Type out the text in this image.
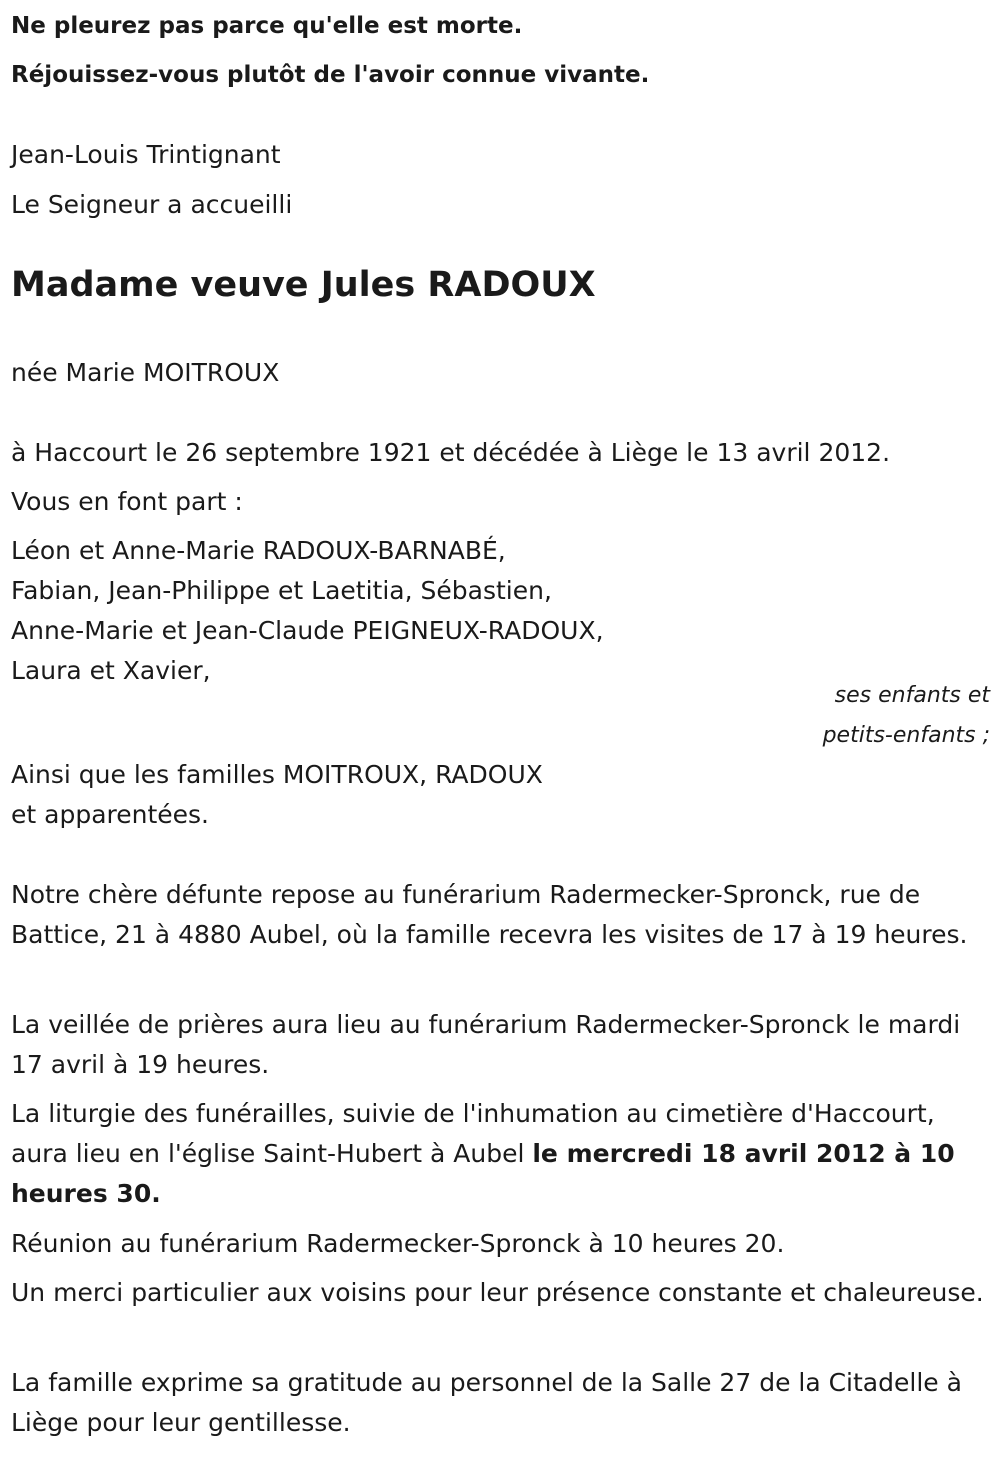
Ne pleurez pas parce qu'elle est morte.

Réjouissez-vous plutôt de l'avoir connue vivante.

Jean-Louis Trintignant

Le Seigneur a accueilli

Madame veuve Jules RADOUX

née Marie MOITROUX

à Haccourt le 26 septembre 1921 et décédée à Liège le 13 avril 2012.

Vous en font part :

Léon et Anne-Marie RADOUX-BARNABÉ,

Fabian, Jean-Philippe et Laetitia, Sébastien,

Anne-Marie et Jean-Claude PEIGNEUX-RADOUX,

Laura et Xavier,

ses enfants et

petits-enfants ;

Ainsi que les familles MOITROUX, RADOUX

et apparentées.

Notre chère défunte repose au funérarium Radermecker-Spronck, rue de Battice, 21 à 4880 Aubel, où la famille recevra les visites de 17 à 19 heures.

La veillée de prières aura lieu au funérarium Radermecker-Spronck le mardi 17 avril à 19 heures.

La liturgie des funérailles, suivie de l'inhumation au cimetière d'Haccourt, aura lieu en l'église Saint-Hubert à Aubel le mercredi 18 avril 2012 à 10 heures 30.

Réunion au funérarium Radermecker-Spronck à 10 heures 20.

Un merci particulier aux voisins pour leur présence constante et chaleureuse.

La famille exprime sa gratitude au personnel de la Salle 27 de la Citadelle à Liège pour leur gentillesse.
